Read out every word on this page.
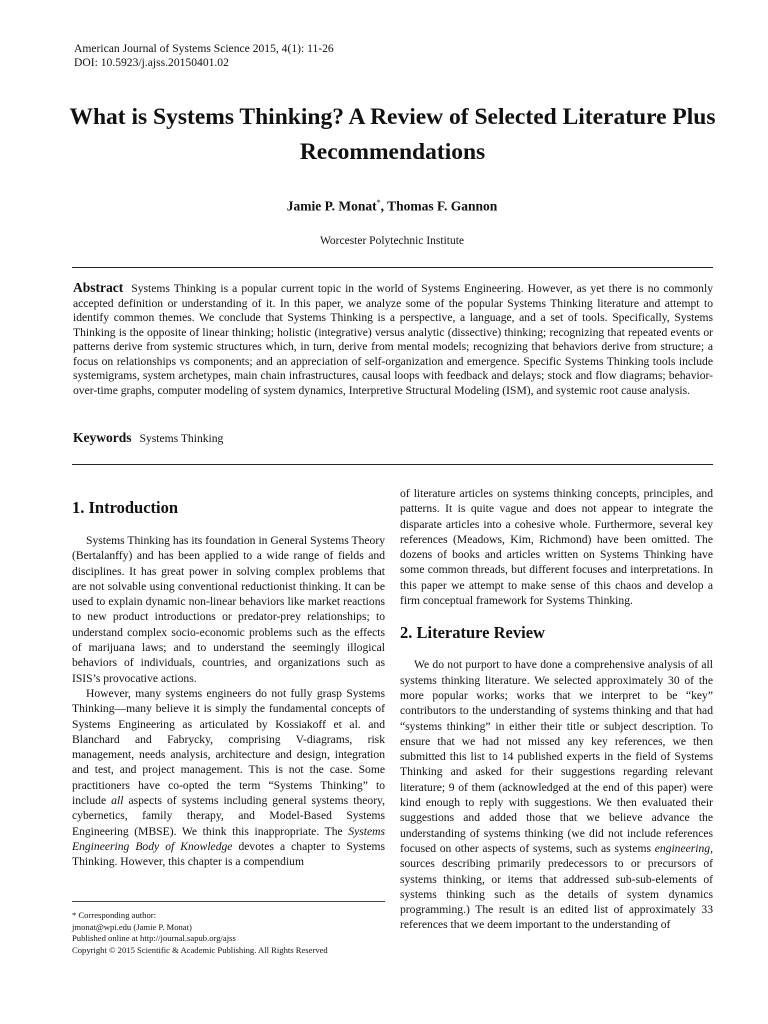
American Journal of Systems Science 2015, 4(1): 11-26
DOI: 10.5923/j.ajss.20150401.02
What is Systems Thinking? A Review of Selected Literature Plus Recommendations
Jamie P. Monat*, Thomas F. Gannon
Worcester Polytechnic Institute
Abstract Systems Thinking is a popular current topic in the world of Systems Engineering. However, as yet there is no commonly accepted definition or understanding of it. In this paper, we analyze some of the popular Systems Thinking literature and attempt to identify common themes. We conclude that Systems Thinking is a perspective, a language, and a set of tools. Specifically, Systems Thinking is the opposite of linear thinking; holistic (integrative) versus analytic (dissective) thinking; recognizing that repeated events or patterns derive from systemic structures which, in turn, derive from mental models; recognizing that behaviors derive from structure; a focus on relationships vs components; and an appreciation of self-organization and emergence. Specific Systems Thinking tools include systemigrams, system archetypes, main chain infrastructures, causal loops with feedback and delays; stock and flow diagrams; behavior-over-time graphs, computer modeling of system dynamics, Interpretive Structural Modeling (ISM), and systemic root cause analysis.
Keywords Systems Thinking
1. Introduction

Systems Thinking has its foundation in General Systems Theory (Bertalanffy) and has been applied to a wide range of fields and disciplines. It has great power in solving complex problems that are not solvable using conventional reductionist thinking. It can be used to explain dynamic non-linear behaviors like market reactions to new product introductions or predator-prey relationships; to understand complex socio-economic problems such as the effects of marijuana laws; and to understand the seemingly illogical behaviors of individuals, countries, and organizations such as ISIS’s provocative actions.

However, many systems engineers do not fully grasp Systems Thinking—many believe it is simply the fundamental concepts of Systems Engineering as articulated by Kossiakoff et al. and Blanchard and Fabrycky, comprising V-diagrams, risk management, needs analysis, architecture and design, integration and test, and project management. This is not the case. Some practitioners have co-opted the term “Systems Thinking” to include all aspects of systems including general systems theory, cybernetics, family therapy, and Model-Based Systems Engineering (MBSE). We think this inappropriate. The Systems Engineering Body of Knowledge devotes a chapter to Systems Thinking. However, this chapter is a compendium

of literature articles on systems thinking concepts, principles, and patterns. It is quite vague and does not appear to integrate the disparate articles into a cohesive whole. Furthermore, several key references (Meadows, Kim, Richmond) have been omitted. The dozens of books and articles written on Systems Thinking have some common threads, but different focuses and interpretations. In this paper we attempt to make sense of this chaos and develop a firm conceptual framework for Systems Thinking.

2. Literature Review

We do not purport to have done a comprehensive analysis of all systems thinking literature. We selected approximately 30 of the more popular works; works that we interpret to be “key” contributors to the understanding of systems thinking and that had “systems thinking” in either their title or subject description. To ensure that we had not missed any key references, we then submitted this list to 14 published experts in the field of Systems Thinking and asked for their suggestions regarding relevant literature; 9 of them (acknowledged at the end of this paper) were kind enough to reply with suggestions. We then evaluated their suggestions and added those that we believe advance the understanding of systems thinking (we did not include references focused on other aspects of systems, such as systems engineering, sources describing primarily predecessors to or precursors of systems thinking, or items that addressed sub-sub-elements of systems thinking such as the details of system dynamics programming.) The result is an edited list of approximately 33 references that we deem important to the understanding of

* Corresponding author:
jmonat@wpi.edu (Jamie P. Monat)
Published online at http://journal.sapub.org/ajss
Copyright © 2015 Scientific & Academic Publishing. All Rights Reserved
